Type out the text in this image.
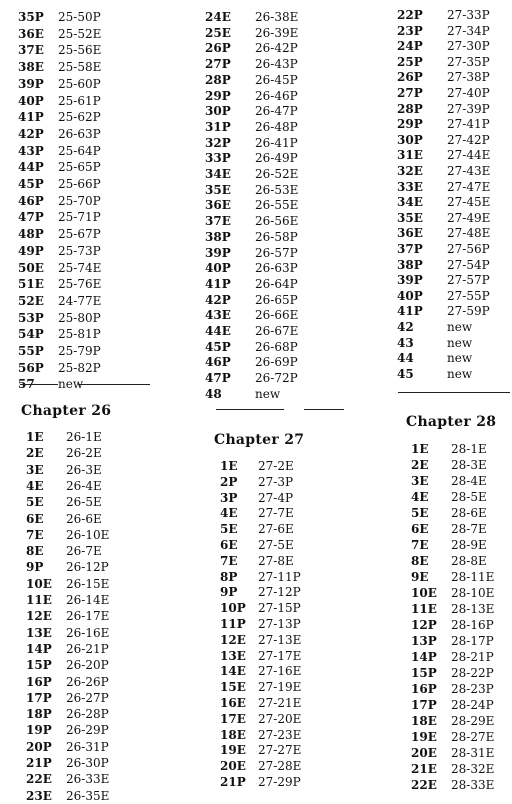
35P 25-50P
36E 25-52E
37E 25-56E
38E 25-58E
39P 25-60P
40P 25-61P
41P 25-62P
42P 26-63P
43P 25-64P
44P 25-65P
45P 25-66P
46P 25-70P
47P 25-71P
48P 25-67P
49P 25-73P
50E 25-74E
51E 25-76E
52E 24-77E
53P 25-80P
54P 25-81P
55P 25-79P
56P 25-82P
57 new
Chapter 26
1E 26-1E
2E 26-2E
3E 26-3E
4E 26-4E
5E 26-5E
6E 26-6E
7E 26-10E
8E 26-7E
9P 26-12P
10E 26-15E
11E 26-14E
12E 26-17E
13E 26-16E
14P 26-21P
15P 26-20P
16P 26-26P
17P 26-27P
18P 26-28P
19P 26-29P
20P 26-31P
21P 26-30P
22E 26-33E
23E 26-35E
24E 26-38E
25E 26-39E
26P 26-42P
27P 26-43P
28P 26-45P
29P 26-46P
30P 26-47P
31P 26-48P
32P 26-41P
33P 26-49P
34E 26-52E
35E 26-53E
36E 26-55E
37E 26-56E
38P 26-58P
39P 26-57P
40P 26-63P
41P 26-64P
42P 26-65P
43E 26-66E
44E 26-67E
45P 26-68P
46P 26-69P
47P 26-72P
48	new
Chapter 27
1E 27-2E
2P 27-3P
3P 27-4P
4E 27-7E
5E 27-6E
6E 27-5E
7E 27-8E
8P 27-11P
9P 27-12P
10P 27-15P
11P 27-13P
12E 27-13E
13E 27-17E
14E 27-16E
15E 27-19E
16E 27-21E
17E 27-20E
18E 27-23E
19E 27-27E
20E 27-28E
21P 27-29P
22P 27-33P
23P 27-34P
24P 27-30P
25P 27-35P
26P 27-38P
27P 27-40P
28P 27-39P
29P 27-41P
30P 27-42P
31E 27-44E
32E 27-43E
33E 27-47E
34E 27-45E
35E 27-49E
36E 27-48E
37P 27-56P
38P 27-54P
39P 27-57P
40P 27-55P
41P 27-59P
42	new
43	new
44	new
45	new
Chapter 28
1E 28-1E
2E 28-3E
3E 28-4E
4E 28-5E
5E 28-6E
6E 28-7E
7E 28-9E
8E 28-8E
9E 28-11E
10E 28-10E
11E 28-13E
12P 28-16P
13P 28-17P
14P 28-21P
15P 28-22P
16P 28-23P
17P 28-24P
18E 28-29E
19E 28-27E
20E 28-31E
21E 28-32E
22E 28-33E
